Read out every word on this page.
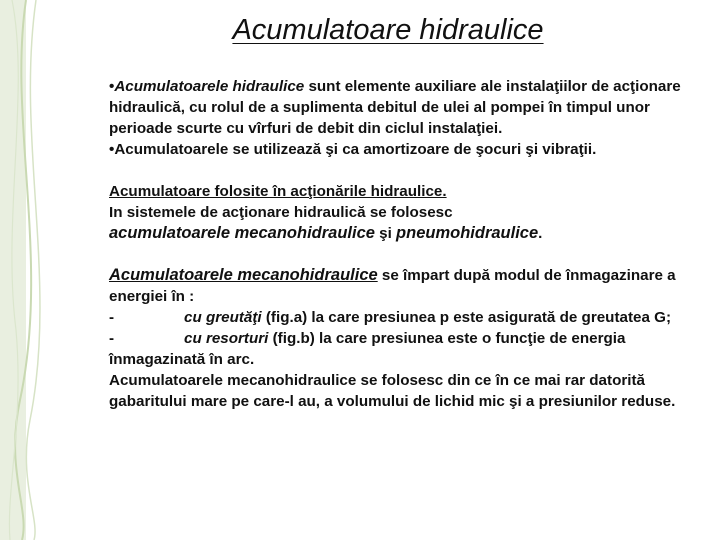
Acumulatoare hidraulice

•Acumulatoarele hidraulice sunt elemente auxiliare ale instalaţiilor de acţionare hidraulică, cu rolul de a suplimenta debitul de ulei al pompei în timpul unor perioade scurte cu vîrfuri de debit din ciclul instalaţiei.

•Acumulatoarele se utilizează şi ca amortizoare de şocuri şi vibraţii.

Acumulatoare folosite în acţionările hidraulice.
In sistemele de acţionare hidraulică se folosesc
acumulatoarele mecanohidraulice şi pneumohidraulice.

Acumulatoarele mecanohidraulice se împart după modul de înmagazinare a energiei în :

-	cu greutăţi (fig.a) la care presiunea p este asigurată de greutatea G;

-	cu resorturi (fig.b) la care presiunea este o funcţie de energia înmagazinată în arc.

Acumulatoarele mecanohidraulice se folosesc din ce în ce mai rar datorită gabaritului mare pe care-l au, a volumului de lichid mic şi a presiunilor reduse.
